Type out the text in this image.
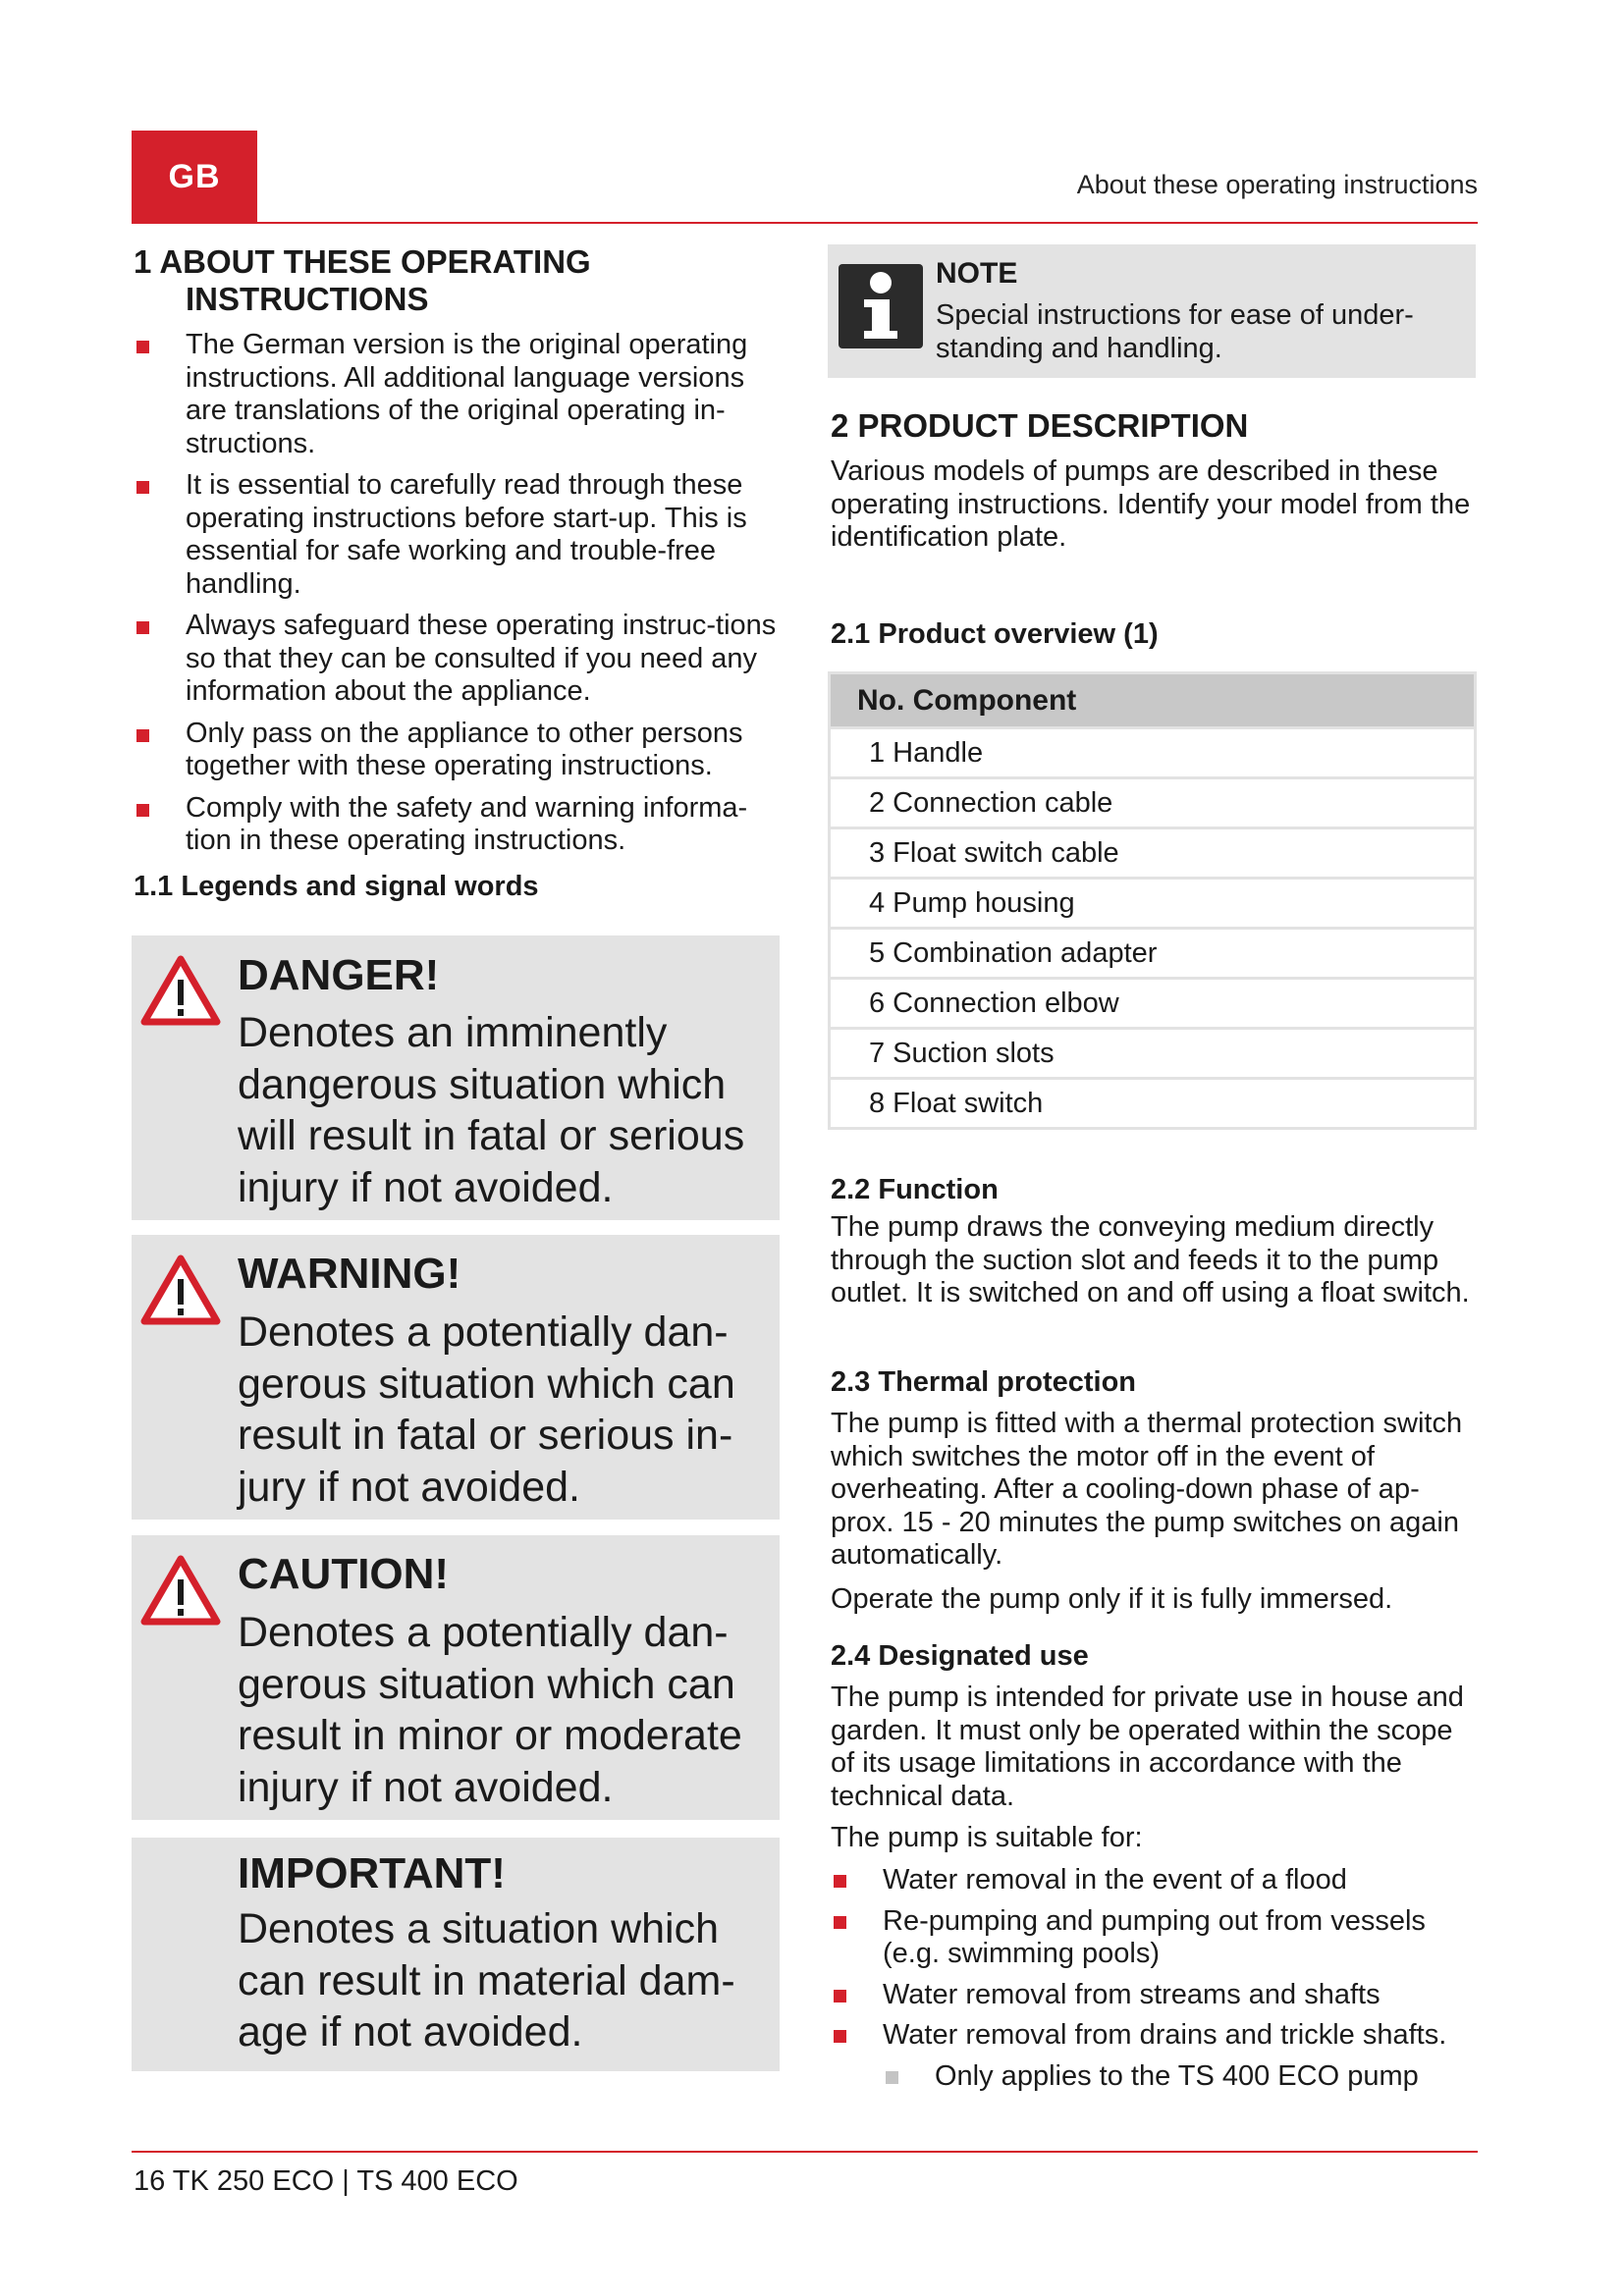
GB	About these operating instructions
1 ABOUT THESE OPERATING
INSTRUCTIONS
The German version is the original operating instructions. All additional language versions are translations of the original operating in-structions.
It is essential to carefully read through these operating instructions before start-up. This is essential for safe working and trouble-free handling.
Always safeguard these operating instruc-tions so that they can be consulted if you need any information about the appliance.
Only pass on the appliance to other persons together with these operating instructions.
Comply with the safety and warning informa-tion in these operating instructions.
1.1 Legends and signal words
DANGER!
Denotes an imminently dangerous situation which will result in fatal or serious injury if not avoided.
WARNING!
Denotes a potentially dan-gerous situation which can result in fatal or serious in-jury if not avoided.
CAUTION!
Denotes a potentially dan-gerous situation which can result in minor or moderate injury if not avoided.
IMPORTANT!
Denotes a situation which can result in material dam-age if not avoided.
NOTE
Special instructions for ease of under-standing and handling.
2 PRODUCT DESCRIPTION

Various models of pumps are described in these operating instructions. Identify your model from the identification plate.

2.1 Product overview (1)
No. Component
1 Handle
2 Connection cable
3 Float switch cable
4 Pump housing
5 Combination adapter
6 Connection elbow
7 Suction slots
8 Float switch
2.2 Function

The pump draws the conveying medium directly through the suction slot and feeds it to the pump outlet. It is switched on and off using a float switch.

2.3 Thermal protection

The pump is fitted with a thermal protection switch which switches the motor off in the event of overheating. After a cooling-down phase of ap-prox. 15 - 20 minutes the pump switches on again automatically.

Operate the pump only if it is fully immersed.

2.4 Designated use

The pump is intended for private use in house and garden. It must only be operated within the scope of its usage limitations in accordance with the technical data.

The pump is suitable for:

Water removal in the event of a flood
Re-pumping and pumping out from vessels (e.g. swimming pools)
Water removal from streams and shafts
Water removal from drains and trickle shafts.
Only applies to the TS 400 ECO pump
16 TK 250 ECO | TS 400 ECO
